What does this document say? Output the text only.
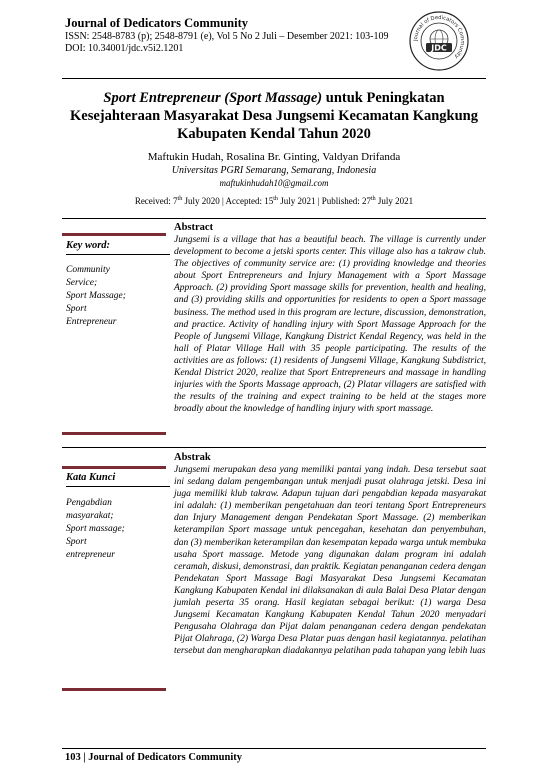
Journal of Dedicators Community
ISSN: 2548-8783 (p); 2548-8791 (e), Vol 5 No 2 Juli – Desember 2021: 103-109
DOI: 10.34001/jdc.v5i2.1201
Journal of Dedicators Community
JDC
Sport Entrepreneur (Sport Massage) untuk Peningkatan Kesejahteraan Masyarakat Desa Jungsemi Kecamatan Kangkung Kabupaten Kendal Tahun 2020
Maftukin Hudah, Rosalina Br. Ginting, Valdyan Drifanda
Universitas PGRI Semarang, Semarang, Indonesia
maftukinhudah10@gmail.com
Received: 7th July 2020 | Accepted: 15th July 2021 | Published: 27th July 2021
Key word:
Community
Service;
Sport Massage;
Sport
Entrepreneur
Abstract
Jungsemi is a village that has a beautiful beach. The village is currently under development to become a jetski sports center. This village also has a takraw club. The objectives of community service are: (1) providing knowledge and theories about Sport Entrepreneurs and Injury Management with a Sport Massage Approach. (2) providing Sport massage skills for prevention, health and healing, and (3) providing skills and opportunities for residents to open a Sport massage business. The method used in this program are lecture, discussion, demonstration, and practice. Activity of handling injury with Sport Massage Approach for the People of Jungsemi Village, Kangkung District Kendal Regency, was held in the hall of Platar Village Hall with 35 people participating. The results of the activities are as follows: (1) residents of Jungsemi Village, Kangkung Subdistrict, Kendal District 2020, realize that Sport Entrepreneurs and massage in handling injuries with the Sports Massage approach, (2) Platar villagers are satisfied with the results of the training and expect training to be held at the stages more broadly about the knowledge of handling injury with sport massage.
Kata Kunci
Pengabdian
masyarakat;
Sport massage;
Sport
entrepreneur
Abstrak
Jungsemi merupakan desa yang memiliki pantai yang indah. Desa tersebut saat ini sedang dalam pengembangan untuk menjadi pusat olahraga jetski. Desa ini juga memiliki klub takraw. Adapun tujuan dari pengabdian kepada masyarakat ini adalah: (1) memberikan pengetahuan dan teori tentang Sport Entrepreneurs dan Injury Management dengan Pendekatan Sport Massage. (2) memberikan keterampilan Sport massage untuk pencegahan, kesehatan dan penyembuhan, dan (3) memberikan keterampilan dan kesempatan kepada warga untuk membuka usaha Sport massage. Metode yang digunakan dalam program ini adalah ceramah, diskusi, demonstrasi, dan praktik. Kegiatan penanganan cedera dengan Pendekatan Sport Massage Bagi Masyarakat Desa Jungsemi Kecamatan Kangkung Kabupaten Kendal ini dilaksanakan di aula Balai Desa Platar dengan jumlah peserta 35 orang. Hasil kegiatan sebagai berikut: (1) warga Desa Jungsemi Kecamatan Kangkung Kabupaten Kendal Tahun 2020 menyadari Pengusaha Olahraga dan Pijat dalam penanganan cedera dengan pendekatan Pijat Olahraga, (2) Warga Desa Platar puas dengan hasil kegiatannya. pelatihan tersebut dan mengharapkan diadakannya pelatihan pada tahapan yang lebih luas
103 | Journal of Dedicators Community
